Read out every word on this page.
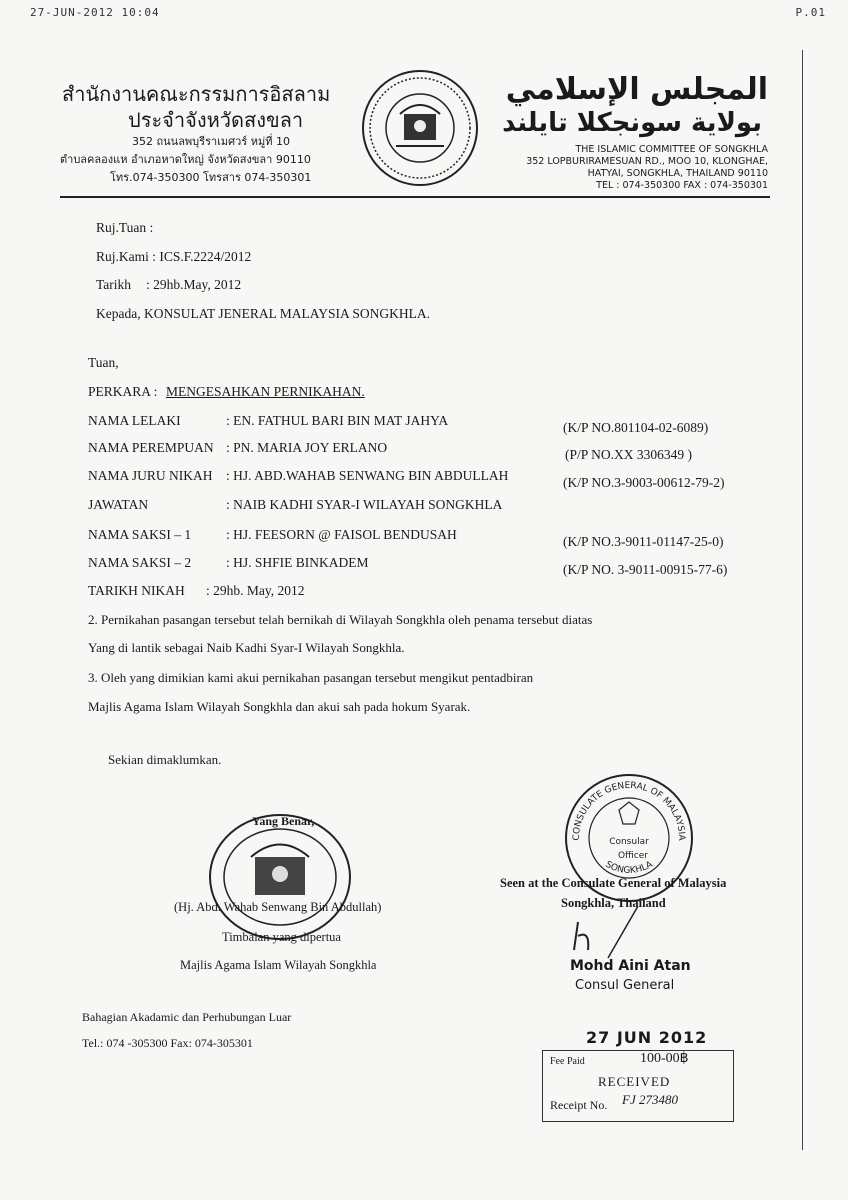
27-JUN-2012 10:04	P.01
สำนักงานคณะกรรมการอิสลาม
ประจำจังหวัดสงขลา
352 ถนนลพบุรีราเมศวร์ หมู่ที่ 10
ตำบลคลองแห อำเภอหาดใหญ่ จังหวัดสงขลา 90110
โทร.074-350300 โทรสาร 074-350301
المجلس الإسلامي
بولاية سونجكلا تايلند
THE ISLAMIC COMMITTEE OF SONGKHLA
352 LOPBURIRAMESUAN RD., MOO 10, KLONGHAE,
HATYAI, SONGKHLA, THAILAND 90110
TEL : 074-350300 FAX : 074-350301
Ruj.Tuan :
Ruj.Kami : ICS.F.2224/2012
Tarikh : 29hb.May, 2012
Kepada, KONSULAT JENERAL MALAYSIA SONGKHLA.
Tuan,
PERKARA : MENGESAHKAN PERNIKAHAN.
NAMA LELAKI	: EN. FATHUL BARI BIN MAT JAHYA	(K/P NO.801104-02-6089)
NAMA PEREMPUAN : PN. MARIA JOY ERLANO	(P/P NO.XX 3306349 )
NAMA JURU NIKAH : HJ. ABD.WAHAB SENWANG BIN ABDULLAH	(K/P NO.3-9003-00612-79-2)
JAWATAN	: NAIB KADHI SYAR-I WILAYAH SONGKHLA
NAMA SAKSI – 1	: HJ. FEESORN @ FAISOL BENDUSAH	(K/P NO.3-9011-01147-25-0)
NAMA SAKSI – 2	: HJ. SHFIE BINKADEM	(K/P NO. 3-9011-00915-77-6)
TARIKH NIKAH : 29hb. May, 2012
2. Pernikahan pasangan tersebut telah bernikah di Wilayah Songkhla oleh penama tersebut diatas
Yang di lantik sebagai Naib Kadhi Syar-I Wilayah Songkhla.
3. Oleh yang dimikian kami akui pernikahan pasangan tersebut mengikut pentadbiran
Majlis Agama Islam Wilayah Songkhla dan akui sah pada hokum Syarak.
Sekian dimaklumkan.
Yang Benar,
(Hj. Abd. Wahab Senwang Bin Abdullah)
Timbalan yang dipertua
Majlis Agama Islam Wilayah Songkhla
CONSULATE GENERAL OF MALAYSIA
SONGKHLA
Consular
Officer
Seen at the Consulate General of Malaysia
Songkhla, Thailand
Mohd Aini Atan
Consul General
Bahagian Akadamic dan Perhubungan Luar
Tel.: 074 -305300 Fax: 074-305301	27 JUN 2012
Fee Paid	100-00฿
RECEIVED
Receipt No. FJ 273480
